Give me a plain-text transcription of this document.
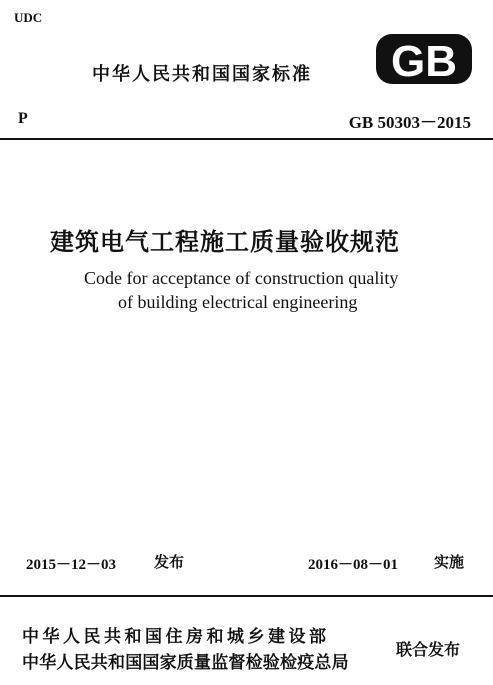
UDC
中华人民共和国国家标准 GB
P	GB 50303－2015
建筑电气工程施工质量验收规范
Code for acceptance of construction quality
of building electrical engineering
2015－12－03	发布	2016－08－01 实施
中华人民共和国住房和城乡建设部
中华人民共和国国家质量监督检验检疫总局
联合发布
